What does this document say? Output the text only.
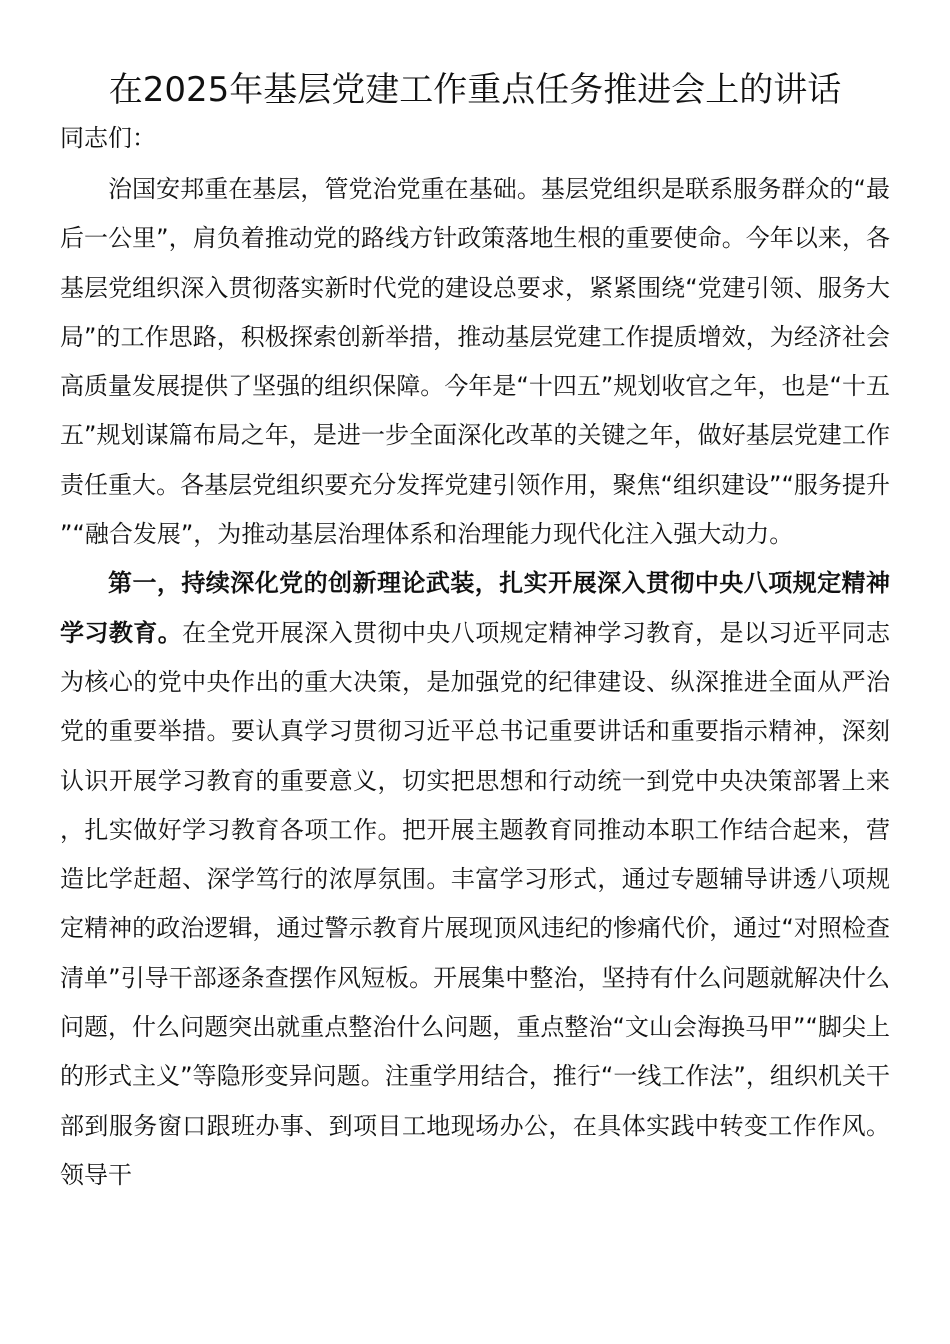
在2025年基层党建工作重点任务推进会上的讲话
同志们：

治国安邦重在基层，管党治党重在基础。基层党组织是联系服务群众的“最后一公里”，肩负着推动党的路线方针政策落地生根的重要使命。今年以来，各基层党组织深入贯彻落实新时代党的建设总要求，紧紧围绕“党建引领、服务大局”的工作思路，积极探索创新举措，推动基层党建工作提质增效，为经济社会高质量发展提供了坚强的组织保障。今年是“十四五”规划收官之年，也是“十五五”规划谋篇布局之年，是进一步全面深化改革的关键之年，做好基层党建工作责任重大。各基层党组织要充分发挥党建引领作用，聚焦“组织建设”“服务提升”“融合发展”，为推动基层治理体系和治理能力现代化注入强大动力。

第一，持续深化党的创新理论武装，扎实开展深入贯彻中央八项规定精神学习教育。在全党开展深入贯彻中央八项规定精神学习教育，是以习近平同志为核心的党中央作出的重大决策，是加强党的纪律建设、纵深推进全面从严治党的重要举措。要认真学习贯彻习近平总书记重要讲话和重要指示精神，深刻认识开展学习教育的重要意义，切实把思想和行动统一到党中央决策部署上来，扎实做好学习教育各项工作。把开展主题教育同推动本职工作结合起来，营造比学赶超、深学笃行的浓厚氛围。丰富学习形式，通过专题辅导讲透八项规定精神的政治逻辑，通过警示教育片展现顶风违纪的惨痛代价，通过“对照检查清单”引导干部逐条查摆作风短板。开展集中整治，坚持有什么问题就解决什么问题，什么问题突出就重点整治什么问题，重点整治“文山会海换马甲”“脚尖上的形式主义”等隐形变异问题。注重学用结合，推行“一线工作法”，组织机关干部到服务窗口跟班办事、到项目工地现场办公，在具体实践中转变工作作风。领导干
